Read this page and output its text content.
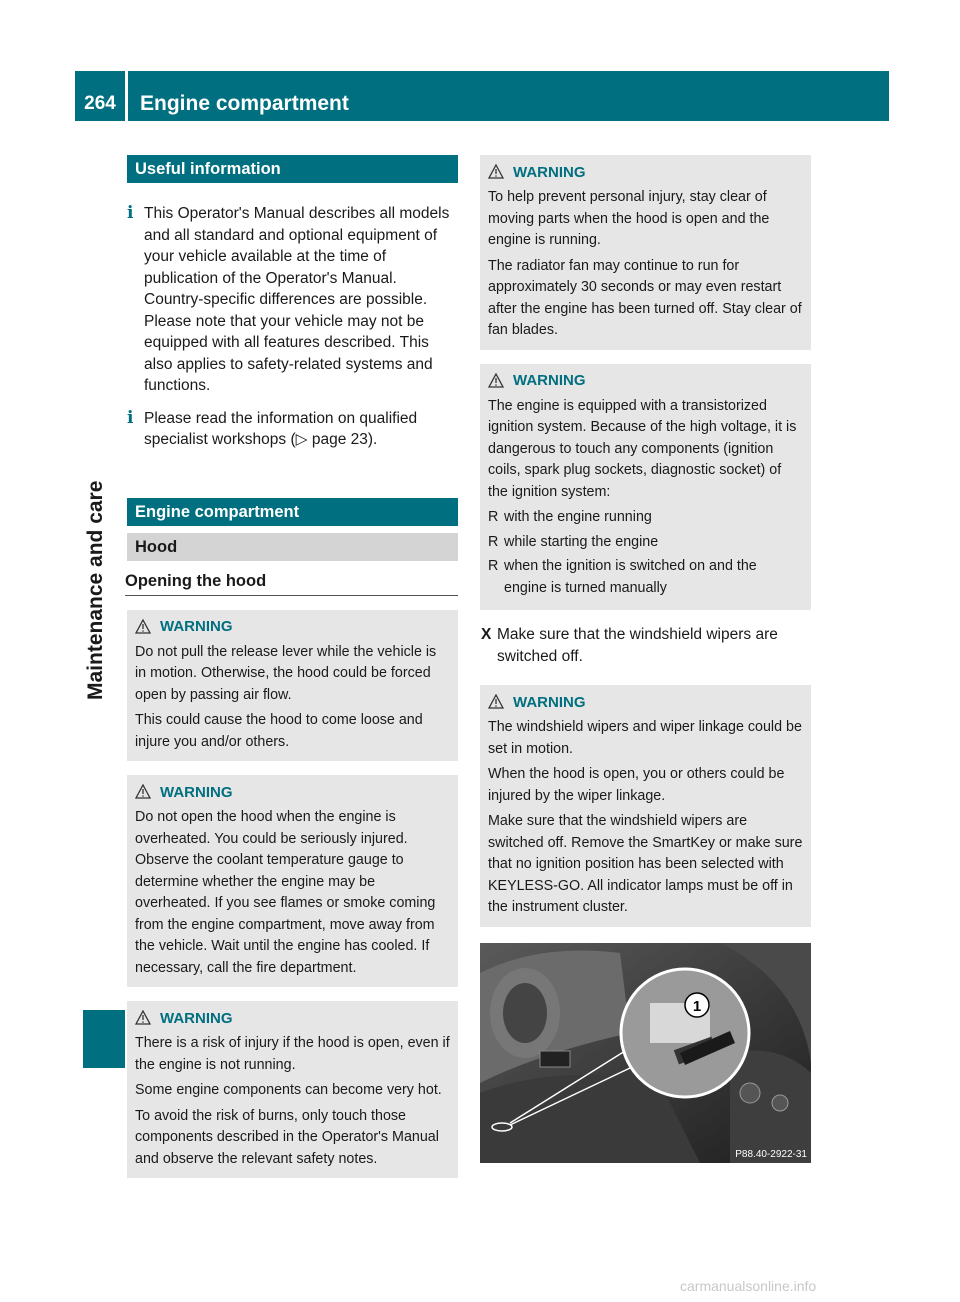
264	Engine compartment
Maintenance and care
Useful information

i This Operator's Manual describes all models and all standard and optional equipment of your vehicle available at the time of publication of the Operator's Manual. Country-specific differences are possible. Please note that your vehicle may not be equipped with all features described. This also applies to safety-related systems and functions.

i Please read the information on qualified specialist workshops (▷ page 23).

Engine compartment
Hood
Opening the hood
WARNING

Do not pull the release lever while the vehicle is in motion. Otherwise, the hood could be forced open by passing air flow.

This could cause the hood to come loose and injure you and/or others.

WARNING

Do not open the hood when the engine is overheated. You could be seriously injured. Observe the coolant temperature gauge to determine whether the engine may be overheated. If you see flames or smoke coming from the engine compartment, move away from the vehicle. Wait until the engine has cooled. If necessary, call the fire department.

WARNING

There is a risk of injury if the hood is open, even if the engine is not running.

Some engine components can become very hot.

To avoid the risk of burns, only touch those components described in the Operator's Manual and observe the relevant safety notes.

WARNING

To help prevent personal injury, stay clear of moving parts when the hood is open and the engine is running.

The radiator fan may continue to run for approximately 30 seconds or may even restart after the engine has been turned off. Stay clear of fan blades.

WARNING

The engine is equipped with a transistorized ignition system. Because of the high voltage, it is dangerous to touch any components (ignition coils, spark plug sockets, diagnostic socket) of the ignition system:

R with the engine running
R while starting the engine
R when the ignition is switched on and the engine is turned manually
X Make sure that the windshield wipers are switched off.
WARNING

The windshield wipers and wiper linkage could be set in motion.

When the hood is open, you or others could be injured by the wiper linkage.

Make sure that the windshield wipers are switched off. Remove the SmartKey or make sure that no ignition position has been selected with KEYLESS-GO. All indicator lamps must be off in the instrument cluster.

1
P88.40-2922-31
carmanualsonline.info
